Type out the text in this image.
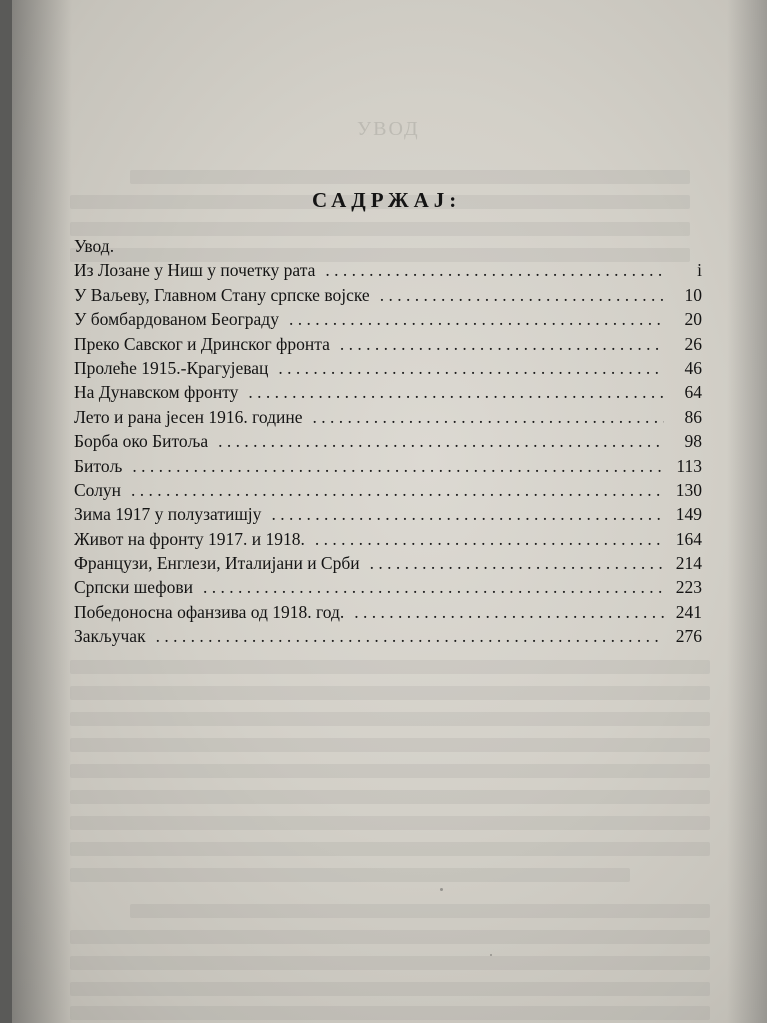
УВОД
САДРЖАЈ:
Увод.
Из Лозане у Ниш у почетку рата . . .	i
У Ваљеву, Главном Стану српске војске . . .	10
У бомбардованом Београду . . .	20
Преко Савског и Дринског фронта . . .	26
Пролеће 1915.-Крагујевац . . .	46
На Дунавском фронту . . .	64
Лето и рана јесен 1916. године . . .	86
Борба око Битоља . . .	98
Битољ . . .	113
Солун . . .	130
Зима 1917 у полузатишју . . .	149
Живот на фронту 1917. и 1918. . . .	164
Французи, Енглези, Италијани и Срби . . .	214
Српски шефови . . .	223
Победоносна офанзива од 1918. год. . . .	241
Закључак . . .	276
